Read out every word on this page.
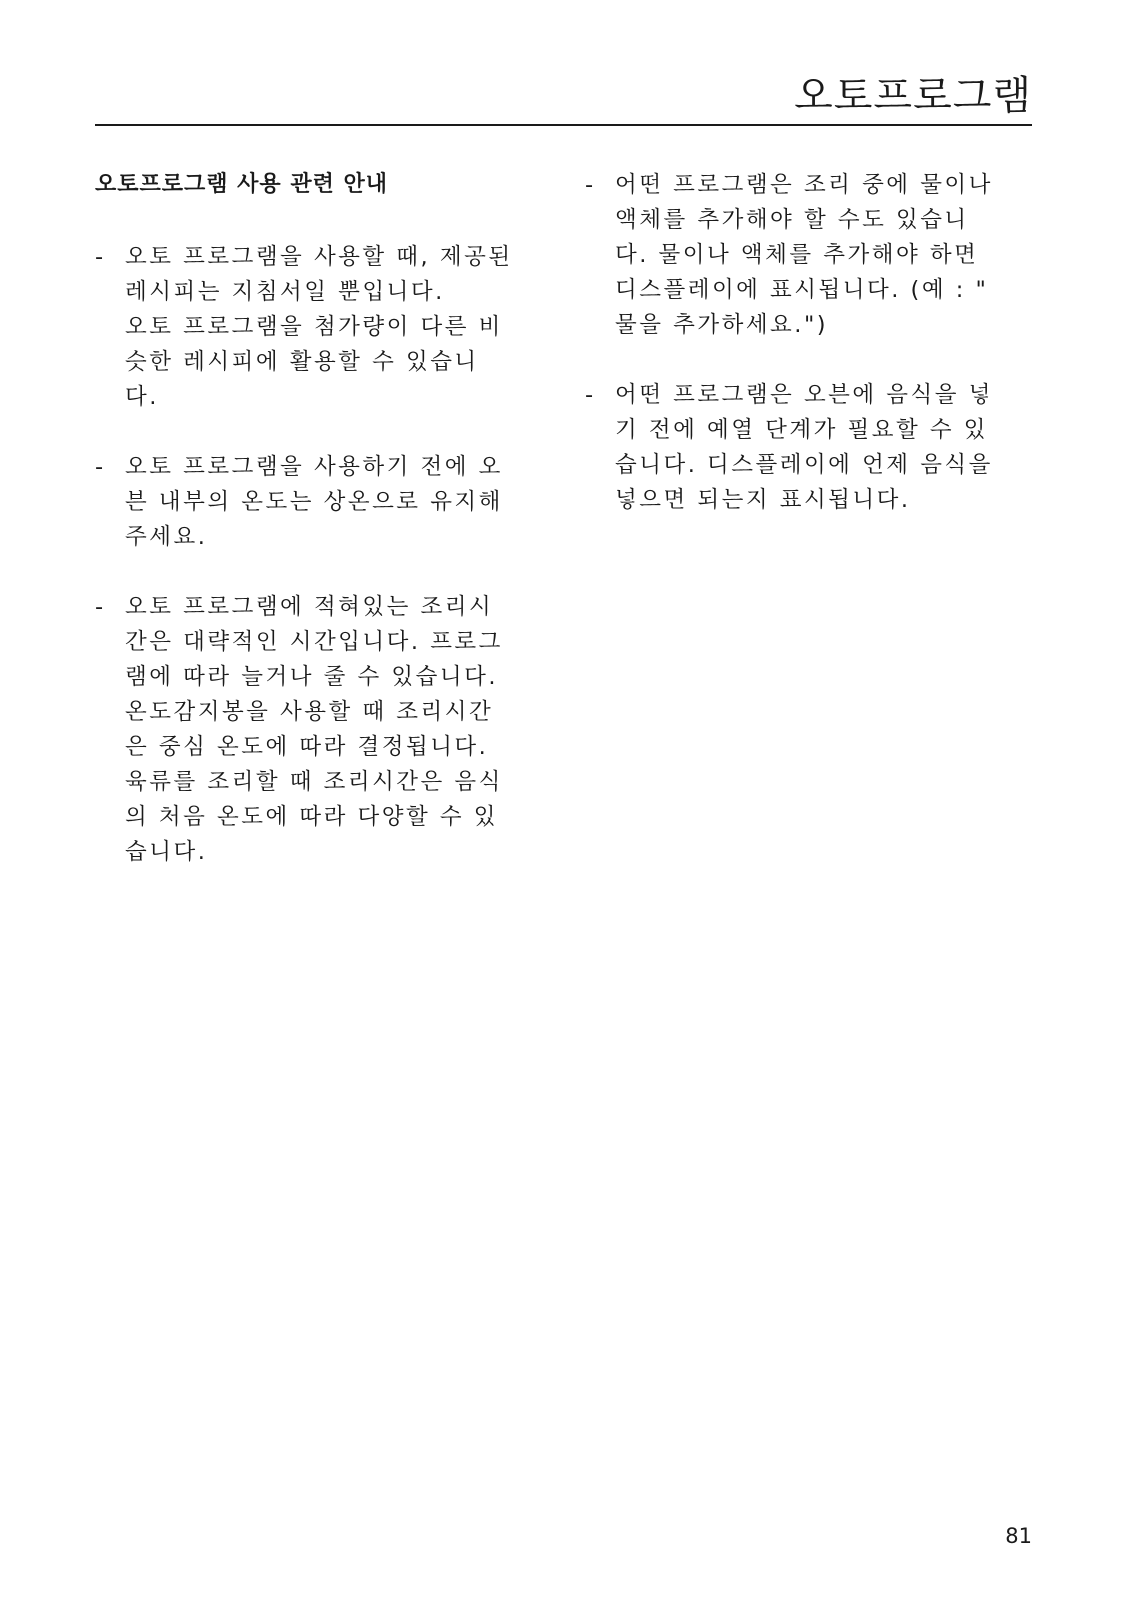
오토프로그램
오토프로그램 사용 관련 안내
- 오토 프로그램을 사용할 때, 제공된
레시피는 지침서일 뿐입니다.
오토 프로그램을 첨가량이 다른 비
슷한 레시피에 활용할 수 있습니
다.
- 오토 프로그램을 사용하기 전에 오
븐 내부의 온도는 상온으로 유지해
주세요.
- 오토 프로그램에 적혀있는 조리시
간은 대략적인 시간입니다. 프로그
램에 따라 늘거나 줄 수 있습니다.
온도감지봉을 사용할 때 조리시간
은 중심 온도에 따라 결정됩니다.
육류를 조리할 때 조리시간은 음식
의 처음 온도에 따라 다양할 수 있
습니다.
- 어떤 프로그램은 조리 중에 물이나
액체를 추가해야 할 수도 있습니
다. 물이나 액체를 추가해야 하면
디스플레이에 표시됩니다. (예 : "
물을 추가하세요.")
- 어떤 프로그램은 오븐에 음식을 넣
기 전에 예열 단계가 필요할 수 있
습니다. 디스플레이에 언제 음식을
넣으면 되는지 표시됩니다.
81
